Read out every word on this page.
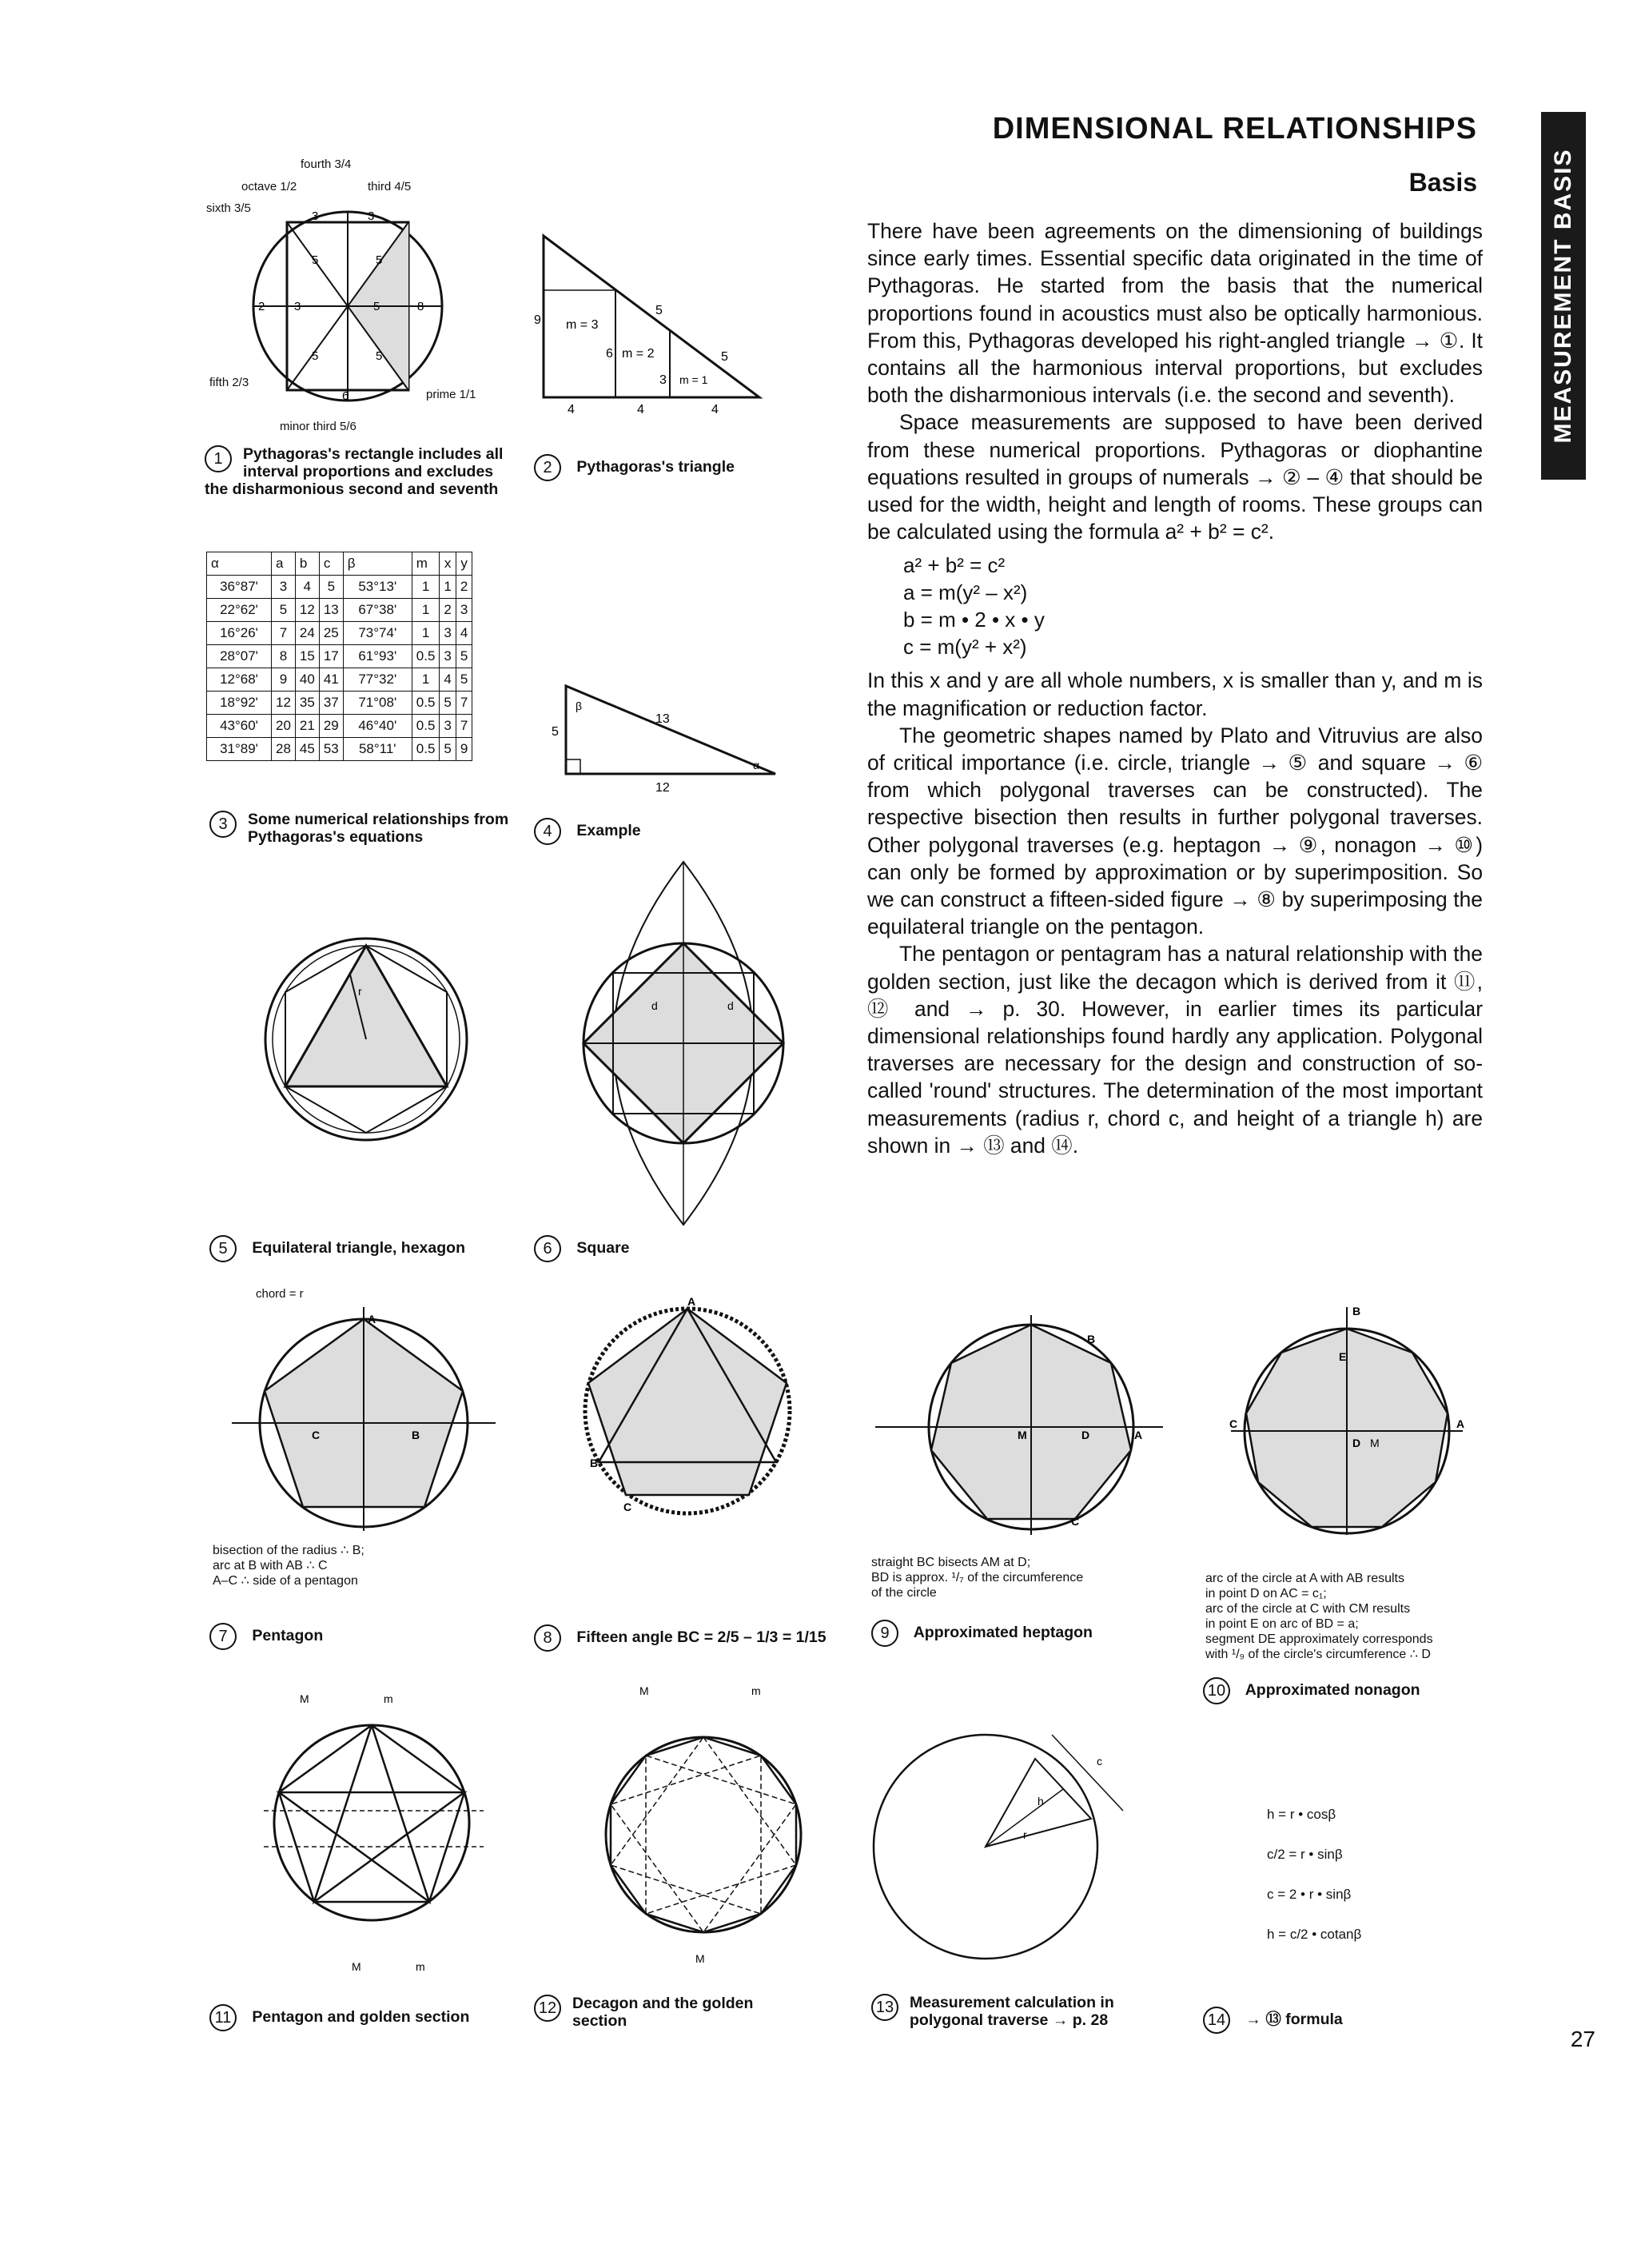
DIMENSIONAL RELATIONSHIPS
Basis	MEASUREMENT BASIS

There have been agreements on the dimensioning of buildings since early times. Essential specific data originated in the time of Pythagoras. He started from the basis that the numerical proportions found in acoustics must also be optically harmonious. From this, Pythagoras developed his right-angled triangle → ①. It contains all the harmonious interval proportions, but excludes both the disharmonious intervals (i.e. the second and seventh).

Space measurements are supposed to have been derived from these numerical proportions. Pythagoras or diophantine equations resulted in groups of numerals → ② – ④ that should be used for the width, height and length of rooms. These groups can be calculated using the formula a² + b² = c².

a² + b² = c²
a = m(y² – x²)
b = m • 2 • x • y
c = m(y² + x²)

In this x and y are all whole numbers, x is smaller than y, and m is the magnification or reduction factor.

The geometric shapes named by Plato and Vitruvius are also of critical importance (i.e. circle, triangle → ⑤ and square → ⑥ from which polygonal traverses can be constructed). The respective bisection then results in further polygonal traverses. Other polygonal traverses (e.g. heptagon → ⑨, nonagon → ⑩) can only be formed by approximation or by superimposition. So we can construct a fifteen-sided figure → ⑧ by superimposing the equilateral triangle on the pentagon.

The pentagon or pentagram has a natural relationship with the golden section, just like the decagon which is derived from it ⑪, ⑫ and → p. 30. However, in earlier times its particular dimensional relationships found hardly any application. Polygonal traverses are necessary for the design and construction of so-called 'round' structures. The determination of the most important measurements (radius r, chord c, and height of a triangle h) are shown in → ⑬ and ⑭.

fourth 3/4
octave 1/2	third 4/5
sixth 3/5
fifth 2/3
prime 1/1
minor third 5/6
3	3
5	5
2 3	5	8
5	5
6
1	Pythagoras's rectangle includes all interval proportions and excludes the disharmonious second and seventh
m = 3
m = 2
m = 1
9
6
3
4	4	4
5
5
2 Pythagoras's triangle
α	a	b	c	β	m	x	y
36°87'	3	4	5	53°13'	1	1	2
22°62'	5	12	13	67°38'	1	2	3
16°26'	7	24	25	73°74'	1	3	4
28°07'	8	15	17	61°93'	0.5	3	5
12°68'	9	40	41	77°32'	1	4	5
18°92'	12	35	37	71°08'	0.5	5	7
43°60'	20	21	29	46°40'	0.5	3	7
31°89'	28	45	53	58°11'	0.5	5	9
3	Some numerical relationships from Pythagoras's equations
β
13
5
12
α
4 Example
r
5 Equilateral triangle, hexagon
d	d
6 Square
chord = r
A
B
C
bisection of the radius ∴ B;
arc at B with AB ∴ C
A–C ∴ side of a pentagon
7 Pentagon
A
B
C
8 Fifteen angle BC = 2/5 – 1/3 = 1/15
B
M	D	A
C
straight BC bisects AM at D;
BD is approx. ¹/₇ of the circumference
of the circle
9 Approximated heptagon
B
E
C
D M
A
arc of the circle at A with AB results
in point D on AC = c₁;
arc of the circle at C with CM results
in point E on arc of BD = a;
segment DE approximately corresponds
with ¹/₉ of the circle's circumference ∴ D
10 Approximated nonagon
M	m
M	m
11 Pentagon and golden section
M	m
M
12	Decagon and the golden section
c
h
r
13	Measurement calculation in polygonal traverse → p. 28
h = r • cosβ
c/2 = r • sinβ
c = 2 • r • sinβ
h = c/2 • cotanβ
14 → ⑬ formula
27
